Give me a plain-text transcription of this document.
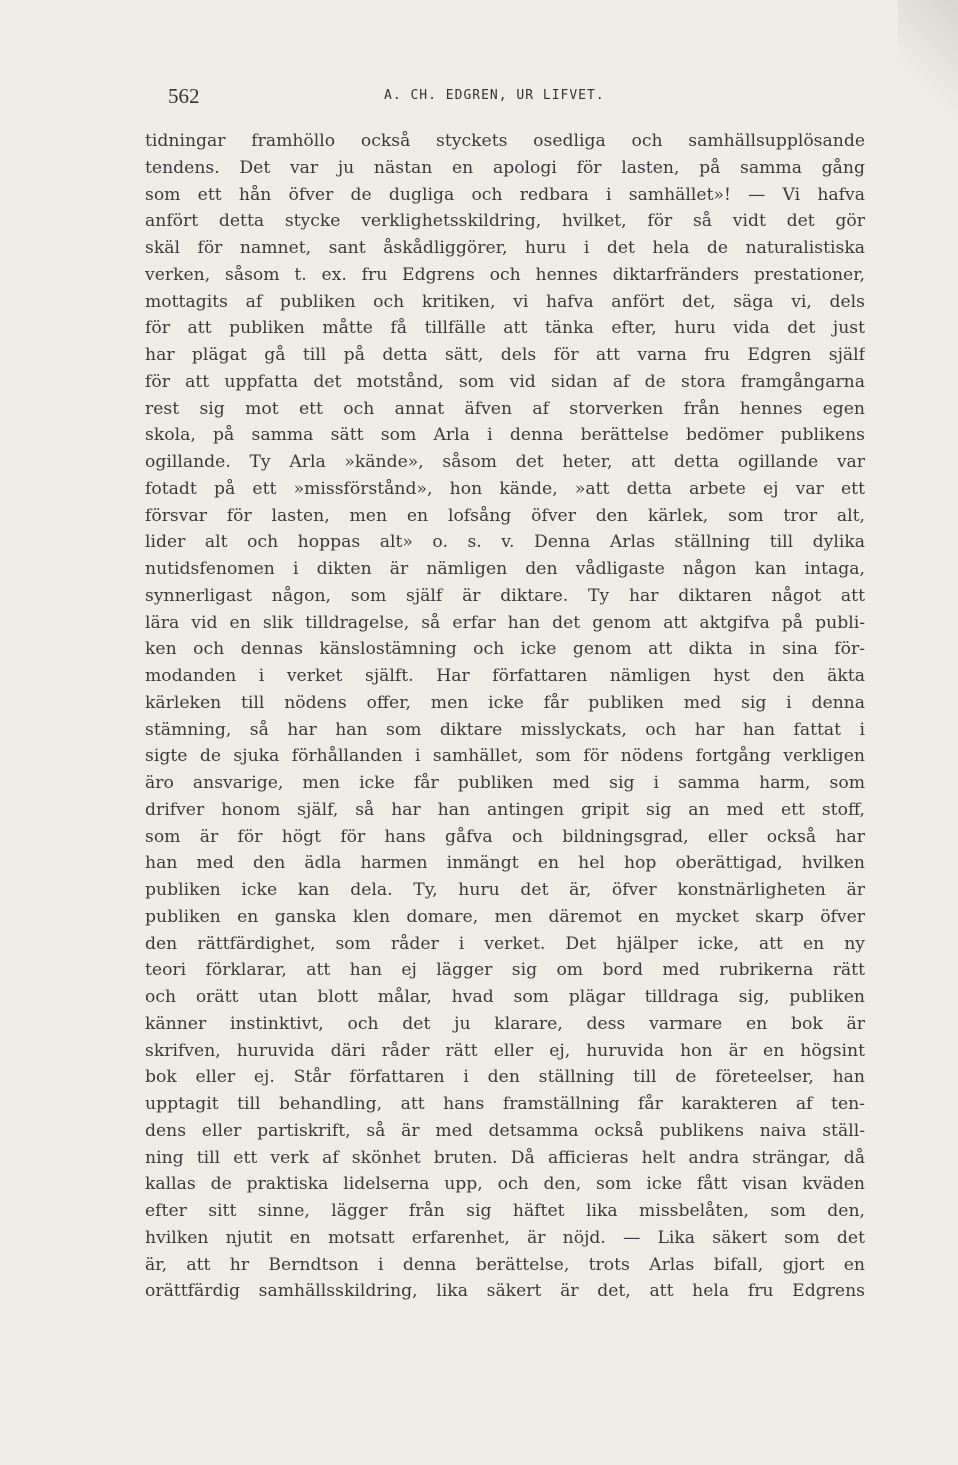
562	A. CH. EDGREN, UR LIFVET.
tidningar framhöllo också styckets osedliga och samhällsupplösande
tendens. Det var ju nästan en apologi för lasten, på samma gång
som ett hån öfver de dugliga och redbara i samhället»! — Vi hafva
anfört detta stycke verklighetsskildring, hvilket, för så vidt det gör
skäl för namnet, sant åskådliggörer, huru i det hela de naturalistiska
verken, såsom t. ex. fru Edgrens och hennes diktarfränders prestationer,
mottagits af publiken och kritiken, vi hafva anfört det, säga vi, dels
för att publiken måtte få tillfälle att tänka efter, huru vida det just
har plägat gå till på detta sätt, dels för att varna fru Edgren själf
för att uppfatta det motstånd, som vid sidan af de stora framgångarna
rest sig mot ett och annat äfven af storverken från hennes egen
skola, på samma sätt som Arla i denna berättelse bedömer publikens
ogillande. Ty Arla »kände», såsom det heter, att detta ogillande var
fotadt på ett »missförstånd», hon kände, »att detta arbete ej var ett
försvar för lasten, men en lofsång öfver den kärlek, som tror alt,
lider alt och hoppas alt» o. s. v. Denna Arlas ställning till dylika
nutidsfenomen i dikten är nämligen den vådligaste någon kan intaga,
synnerligast någon, som själf är diktare. Ty har diktaren något att
lära vid en slik tilldragelse, så erfar han det genom att aktgifva på publi-
ken och dennas känslostämning och icke genom att dikta in sina för-
modanden i verket själft. Har författaren nämligen hyst den äkta
kärleken till nödens offer, men icke får publiken med sig i denna
stämning, så har han som diktare misslyckats, och har han fattat i
sigte de sjuka förhållanden i samhället, som för nödens fortgång verkligen
äro ansvarige, men icke får publiken med sig i samma harm, som
drifver honom själf, så har han antingen gripit sig an med ett stoff,
som är för högt för hans gåfva och bildningsgrad, eller också har
han med den ädla harmen inmängt en hel hop oberättigad, hvilken
publiken icke kan dela. Ty, huru det är, öfver konstnärligheten är
publiken en ganska klen domare, men däremot en mycket skarp öfver
den rättfärdighet, som råder i verket. Det hjälper icke, att en ny
teori förklarar, att han ej lägger sig om bord med rubrikerna rätt
och orätt utan blott målar, hvad som plägar tilldraga sig, publiken
känner instinktivt, och det ju klarare, dess varmare en bok är
skrifven, huruvida däri råder rätt eller ej, huruvida hon är en högsint
bok eller ej. Står författaren i den ställning till de företeelser, han
upptagit till behandling, att hans framställning får karakteren af ten-
dens eller partiskrift, så är med detsamma också publikens naiva ställ-
ning till ett verk af skönhet bruten. Då afficieras helt andra strängar, då
kallas de praktiska lidelserna upp, och den, som icke fått visan kväden
efter sitt sinne, lägger från sig häftet lika missbelåten, som den,
hvilken njutit en motsatt erfarenhet, är nöjd. — Lika säkert som det
är, att hr Berndtson i denna berättelse, trots Arlas bifall, gjort en
orättfärdig samhällsskildring, lika säkert är det, att hela fru Edgrens
